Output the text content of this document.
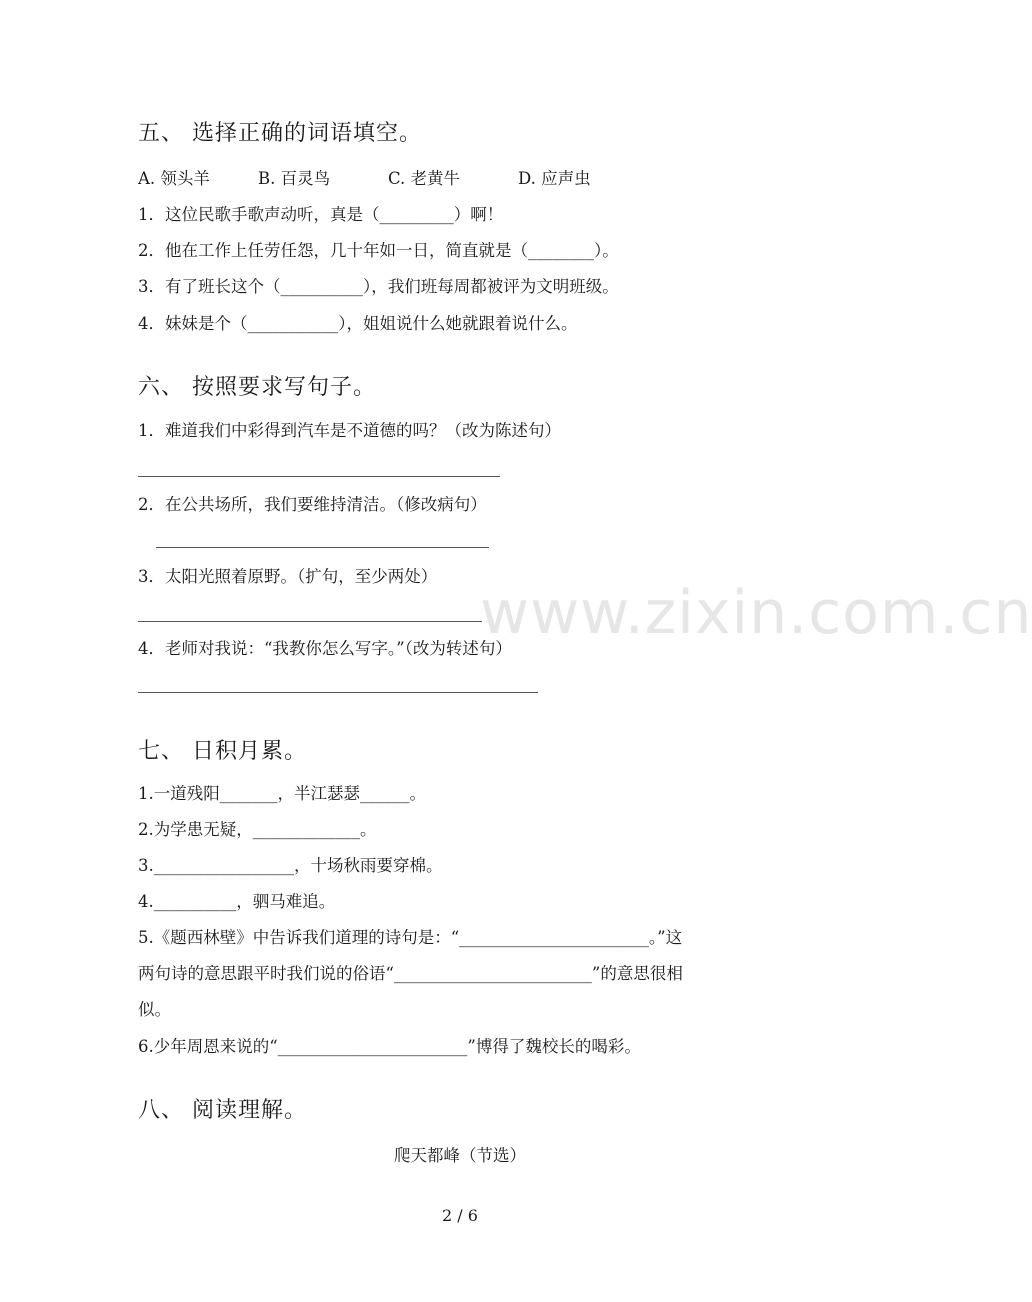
www.zixin.com.cn
五、 选择正确的词语填空。
A. 领头羊	B. 百灵鸟	C. 老黄牛	D. 应声虫
1．这位民歌手歌声动听，真是（_________）啊！
2．他在工作上任劳任怨，几十年如一日，简直就是（________）。
3．有了班长这个（__________），我们班每周都被评为文明班级。
4．妹妹是个（___________），姐姐说什么她就跟着说什么。
六、 按照要求写句子。
1．难道我们中彩得到汽车是不道德的吗？（改为陈述句）
2．在公共场所，我们要维持清洁。（修改病句）
3．太阳光照着原野。（扩句，至少两处）
4．老师对我说：“我教你怎么写字。”（改为转述句）
七、 日积月累。
1.一道残阳_______，半江瑟瑟______。
2.为学患无疑，_____________。
3._________________，十场秋雨要穿棉。
4.__________，驷马难追。
5.《题西林壁》中告诉我们道理的诗句是：“_______________________。”这
两句诗的意思跟平时我们说的俗语“________________________”的意思很相
似。
6.少年周恩来说的“_______________________”博得了魏校长的喝彩。
八、 阅读理解。
爬天都峰（节选）
2 / 6
